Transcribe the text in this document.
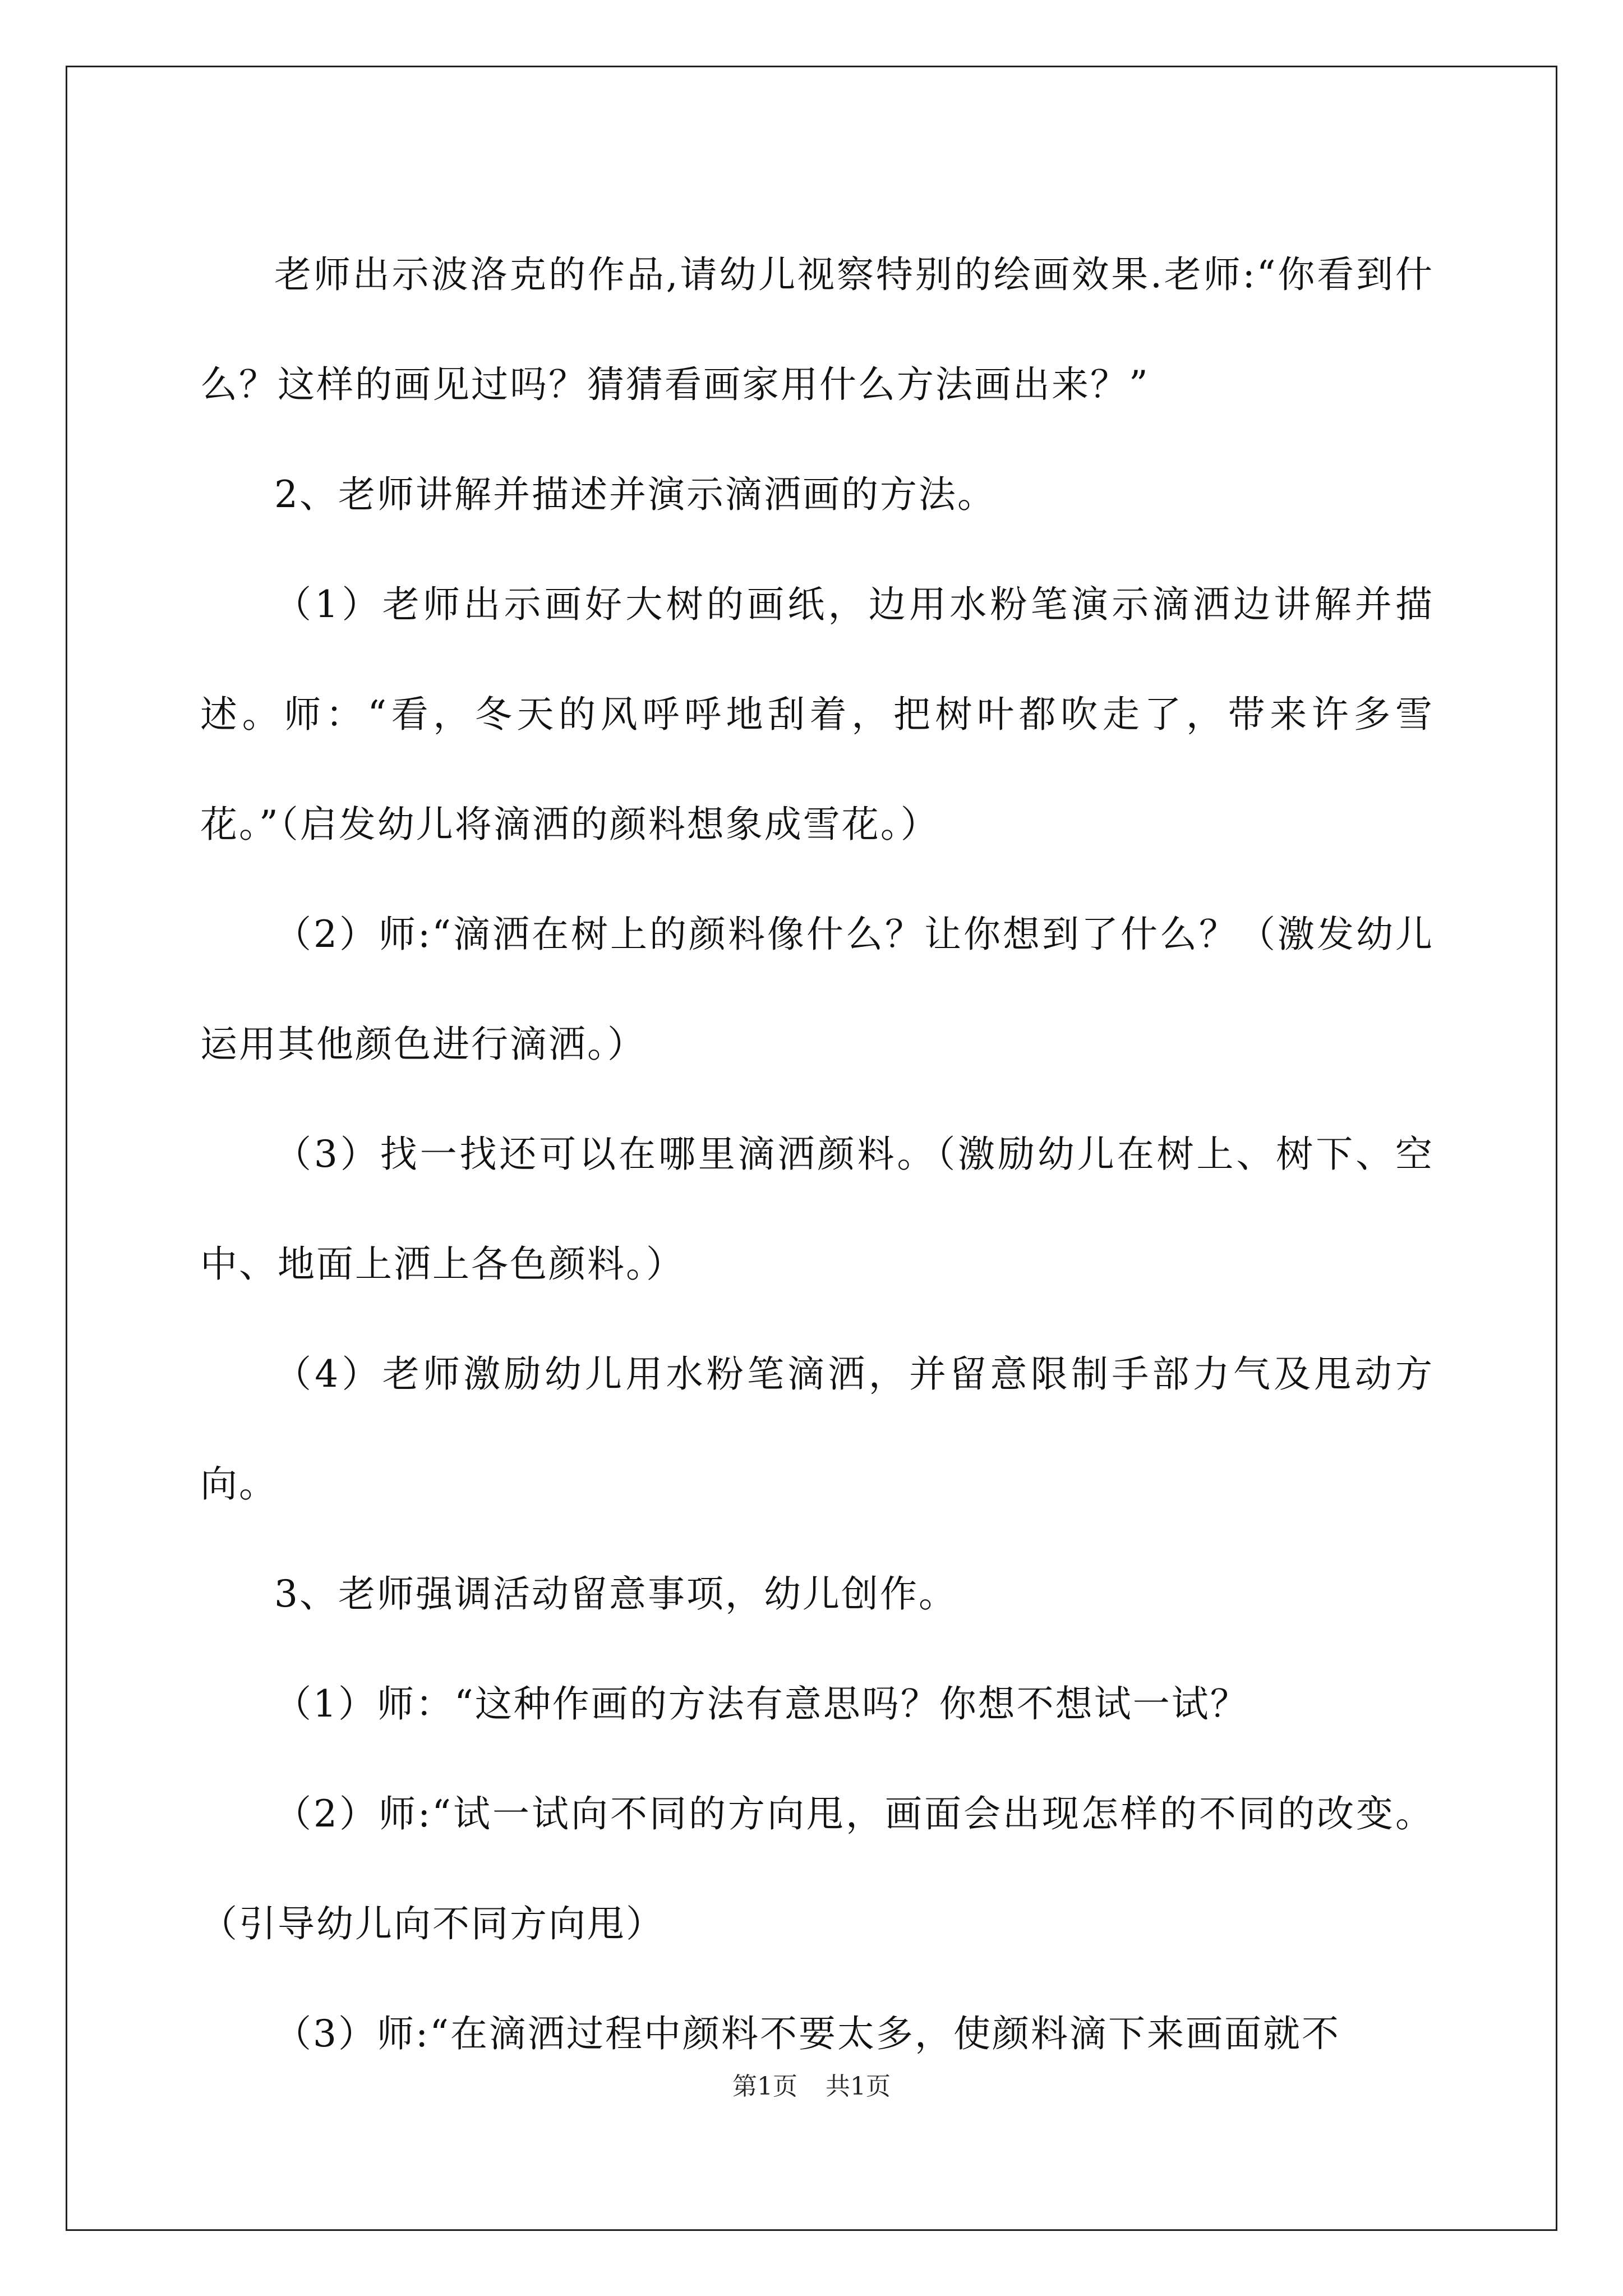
老师出示波洛克的作品,请幼儿视察特别的绘画效果.老师:“你看到什么？这样的画见过吗？猜猜看画家用什么方法画出来？”

2、老师讲解并描述并演示滴洒画的方法。

（1）老师出示画好大树的画纸，边用水粉笔演示滴洒边讲解并描述。师：“看，冬天的风呼呼地刮着，把树叶都吹走了，带来许多雪花。”（启发幼儿将滴洒的颜料想象成雪花。）

（2）师:“滴洒在树上的颜料像什么？让你想到了什么？（激发幼儿运用其他颜色进行滴洒。）

（3）找一找还可以在哪里滴洒颜料。（激励幼儿在树上、树下、空中、地面上洒上各色颜料。）

（4）老师激励幼儿用水粉笔滴洒，并留意限制手部力气及甩动方向。

3、老师强调活动留意事项，幼儿创作。

（1）师：“这种作画的方法有意思吗？你想不想试一试？

（2）师:“试一试向不同的方向甩，画面会出现怎样的不同的改变。（引导幼儿向不同方向甩）

（3）师:“在滴洒过程中颜料不要太多，使颜料滴下来画面就不

第1页 共1页
